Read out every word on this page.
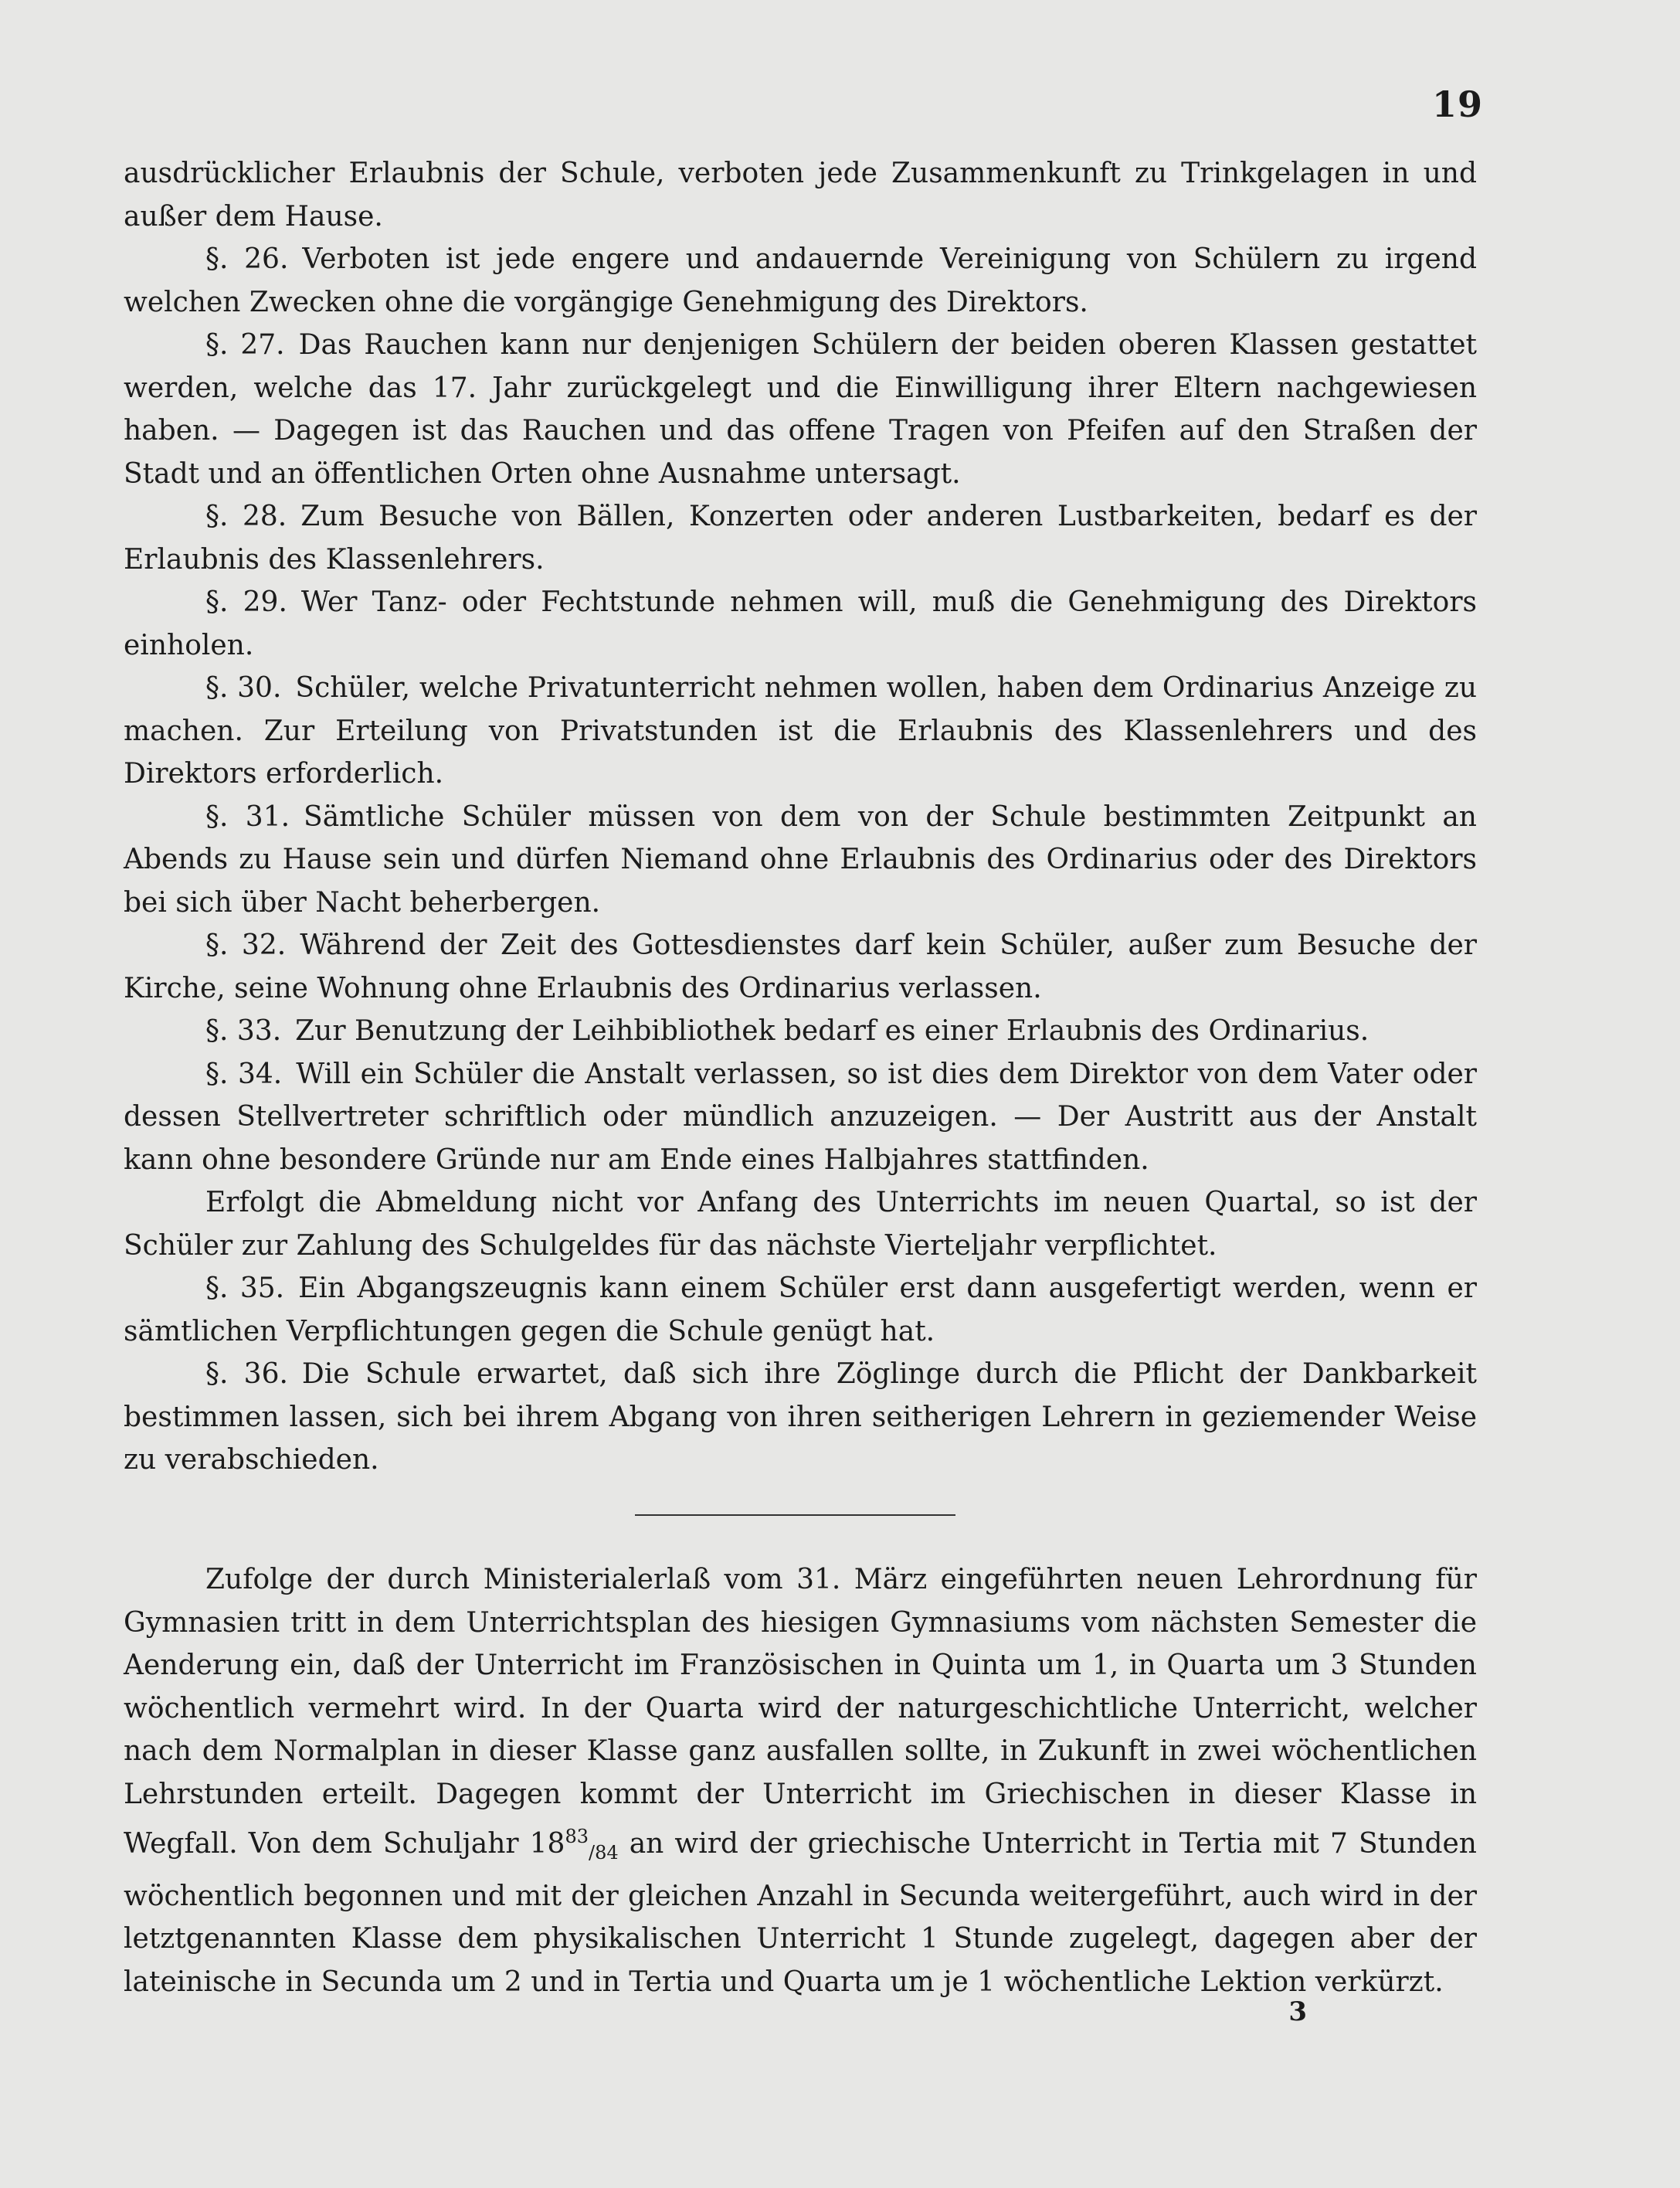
19

ausdrücklicher Erlaubnis der Schule, verboten jede Zusammenkunft zu Trinkgelagen in und außer dem Hause.

§. 26. Verboten ist jede engere und andauernde Vereinigung von Schülern zu irgend welchen Zwecken ohne die vorgängige Genehmigung des Direktors.

§. 27. Das Rauchen kann nur denjenigen Schülern der beiden oberen Klassen gestattet werden, welche das 17. Jahr zurückgelegt und die Einwilligung ihrer Eltern nachgewiesen haben. — Dagegen ist das Rauchen und das offene Tragen von Pfeifen auf den Straßen der Stadt und an öffentlichen Orten ohne Ausnahme untersagt.

§. 28. Zum Besuche von Bällen, Konzerten oder anderen Lustbarkeiten, bedarf es der Erlaubnis des Klassenlehrers.

§. 29. Wer Tanz- oder Fechtstunde nehmen will, muß die Genehmigung des Direktors einholen.

§. 30. Schüler, welche Privatunterricht nehmen wollen, haben dem Ordinarius Anzeige zu machen. Zur Erteilung von Privatstunden ist die Erlaubnis des Klassenlehrers und des Direktors erforderlich.

§. 31. Sämtliche Schüler müssen von dem von der Schule bestimmten Zeitpunkt an Abends zu Hause sein und dürfen Niemand ohne Erlaubnis des Ordinarius oder des Direktors bei sich über Nacht beherbergen.

§. 32. Während der Zeit des Gottesdienstes darf kein Schüler, außer zum Besuche der Kirche, seine Wohnung ohne Erlaubnis des Ordinarius verlassen.

§. 33. Zur Benutzung der Leihbibliothek bedarf es einer Erlaubnis des Ordinarius.

§. 34. Will ein Schüler die Anstalt verlassen, so ist dies dem Direktor von dem Vater oder dessen Stellvertreter schriftlich oder mündlich anzuzeigen. — Der Austritt aus der Anstalt kann ohne besondere Gründe nur am Ende eines Halbjahres stattfinden.

Erfolgt die Abmeldung nicht vor Anfang des Unterrichts im neuen Quartal, so ist der Schüler zur Zahlung des Schulgeldes für das nächste Vierteljahr verpflichtet.

§. 35. Ein Abgangszeugnis kann einem Schüler erst dann ausgefertigt werden, wenn er sämtlichen Verpflichtungen gegen die Schule genügt hat.

§. 36. Die Schule erwartet, daß sich ihre Zöglinge durch die Pflicht der Dankbarkeit bestimmen lassen, sich bei ihrem Abgang von ihren seitherigen Lehrern in geziemender Weise zu verabschieden.

Zufolge der durch Ministerialerlaß vom 31. März eingeführten neuen Lehrordnung für Gymnasien tritt in dem Unterrichtsplan des hiesigen Gymnasiums vom nächsten Semester die Aenderung ein, daß der Unterricht im Französischen in Quinta um 1, in Quarta um 3 Stunden wöchentlich vermehrt wird. In der Quarta wird der naturgeschichtliche Unterricht, welcher nach dem Normalplan in dieser Klasse ganz ausfallen sollte, in Zukunft in zwei wöchentlichen Lehrstunden erteilt. Dagegen kommt der Unterricht im Griechischen in dieser Klasse in Wegfall. Von dem Schuljahr $18^{83}_{/84}$ an wird der griechische Unterricht in Tertia mit 7 Stunden wöchentlich begonnen und mit der gleichen Anzahl in Secunda weitergeführt, auch wird in der letztgenannten Klasse dem physikalischen Unterricht 1 Stunde zugelegt, dagegen aber der lateinische in Secunda um 2 und in Tertia und Quarta um je 1 wöchentliche Lektion verkürzt.

3
